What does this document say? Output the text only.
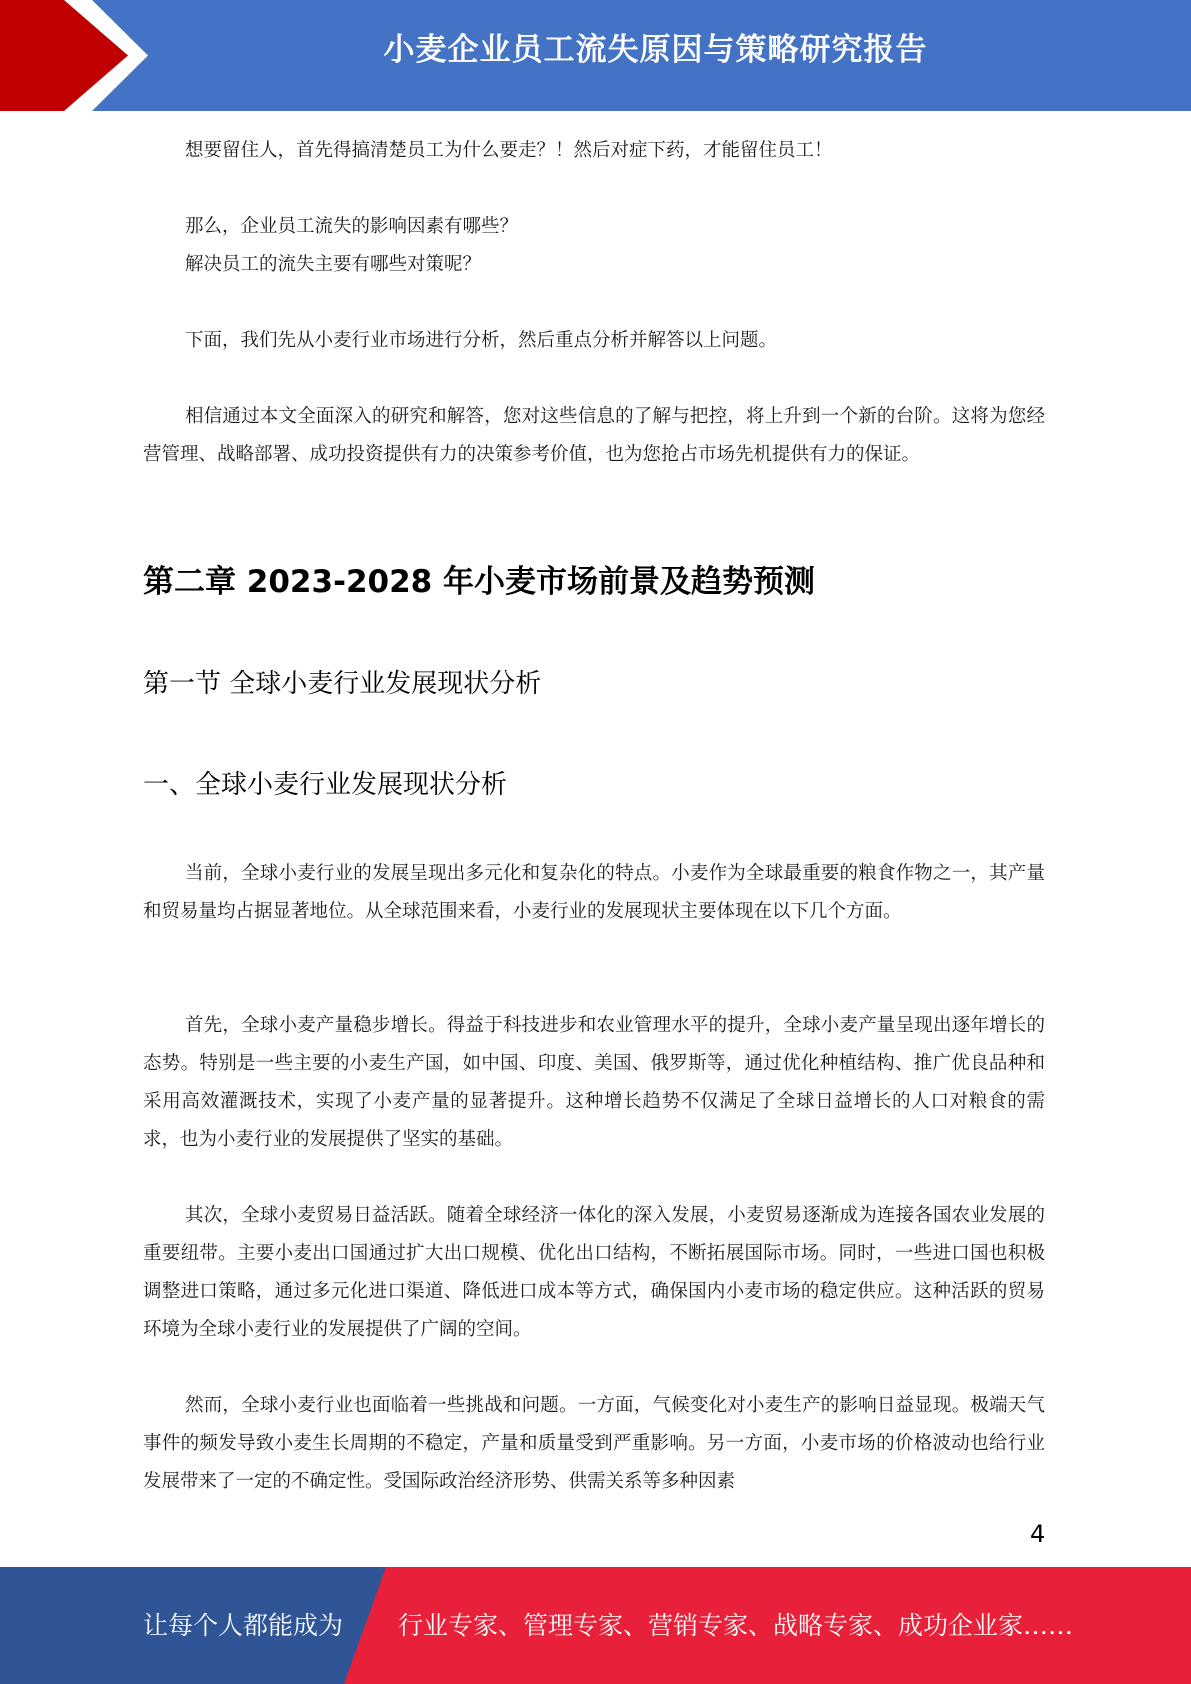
小麦企业员工流失原因与策略研究报告

想要留住人，首先得搞清楚员工为什么要走？！然后对症下药，才能留住员工！

那么，企业员工流失的影响因素有哪些？

解决员工的流失主要有哪些对策呢？

下面，我们先从小麦行业市场进行分析，然后重点分析并解答以上问题。

相信通过本文全面深入的研究和解答，您对这些信息的了解与把控，将上升到一个新的台阶。这将为您经营管理、战略部署、成功投资提供有力的决策参考价值，也为您抢占市场先机提供有力的保证。

第二章 2023-2028 年小麦市场前景及趋势预测
第一节 全球小麦行业发展现状分析
一、全球小麦行业发展现状分析

当前，全球小麦行业的发展呈现出多元化和复杂化的特点。小麦作为全球最重要的粮食作物之一，其产量和贸易量均占据显著地位。从全球范围来看，小麦行业的发展现状主要体现在以下几个方面。

首先，全球小麦产量稳步增长。得益于科技进步和农业管理水平的提升，全球小麦产量呈现出逐年增长的态势。特别是一些主要的小麦生产国，如中国、印度、美国、俄罗斯等，通过优化种植结构、推广优良品种和采用高效灌溉技术，实现了小麦产量的显著提升。这种增长趋势不仅满足了全球日益增长的人口对粮食的需求，也为小麦行业的发展提供了坚实的基础。

其次，全球小麦贸易日益活跃。随着全球经济一体化的深入发展，小麦贸易逐渐成为连接各国农业发展的重要纽带。主要小麦出口国通过扩大出口规模、优化出口结构，不断拓展国际市场。同时，一些进口国也积极调整进口策略，通过多元化进口渠道、降低进口成本等方式，确保国内小麦市场的稳定供应。这种活跃的贸易环境为全球小麦行业的发展提供了广阔的空间。

然而，全球小麦行业也面临着一些挑战和问题。一方面，气候变化对小麦生产的影响日益显现。极端天气事件的频发导致小麦生长周期的不稳定，产量和质量受到严重影响。另一方面，小麦市场的价格波动也给行业发展带来了一定的不确定性。受国际政治经济形势、供需关系等多种因素

4
让每个人都能成为 行业专家、管理专家、营销专家、战略专家、成功企业家……
